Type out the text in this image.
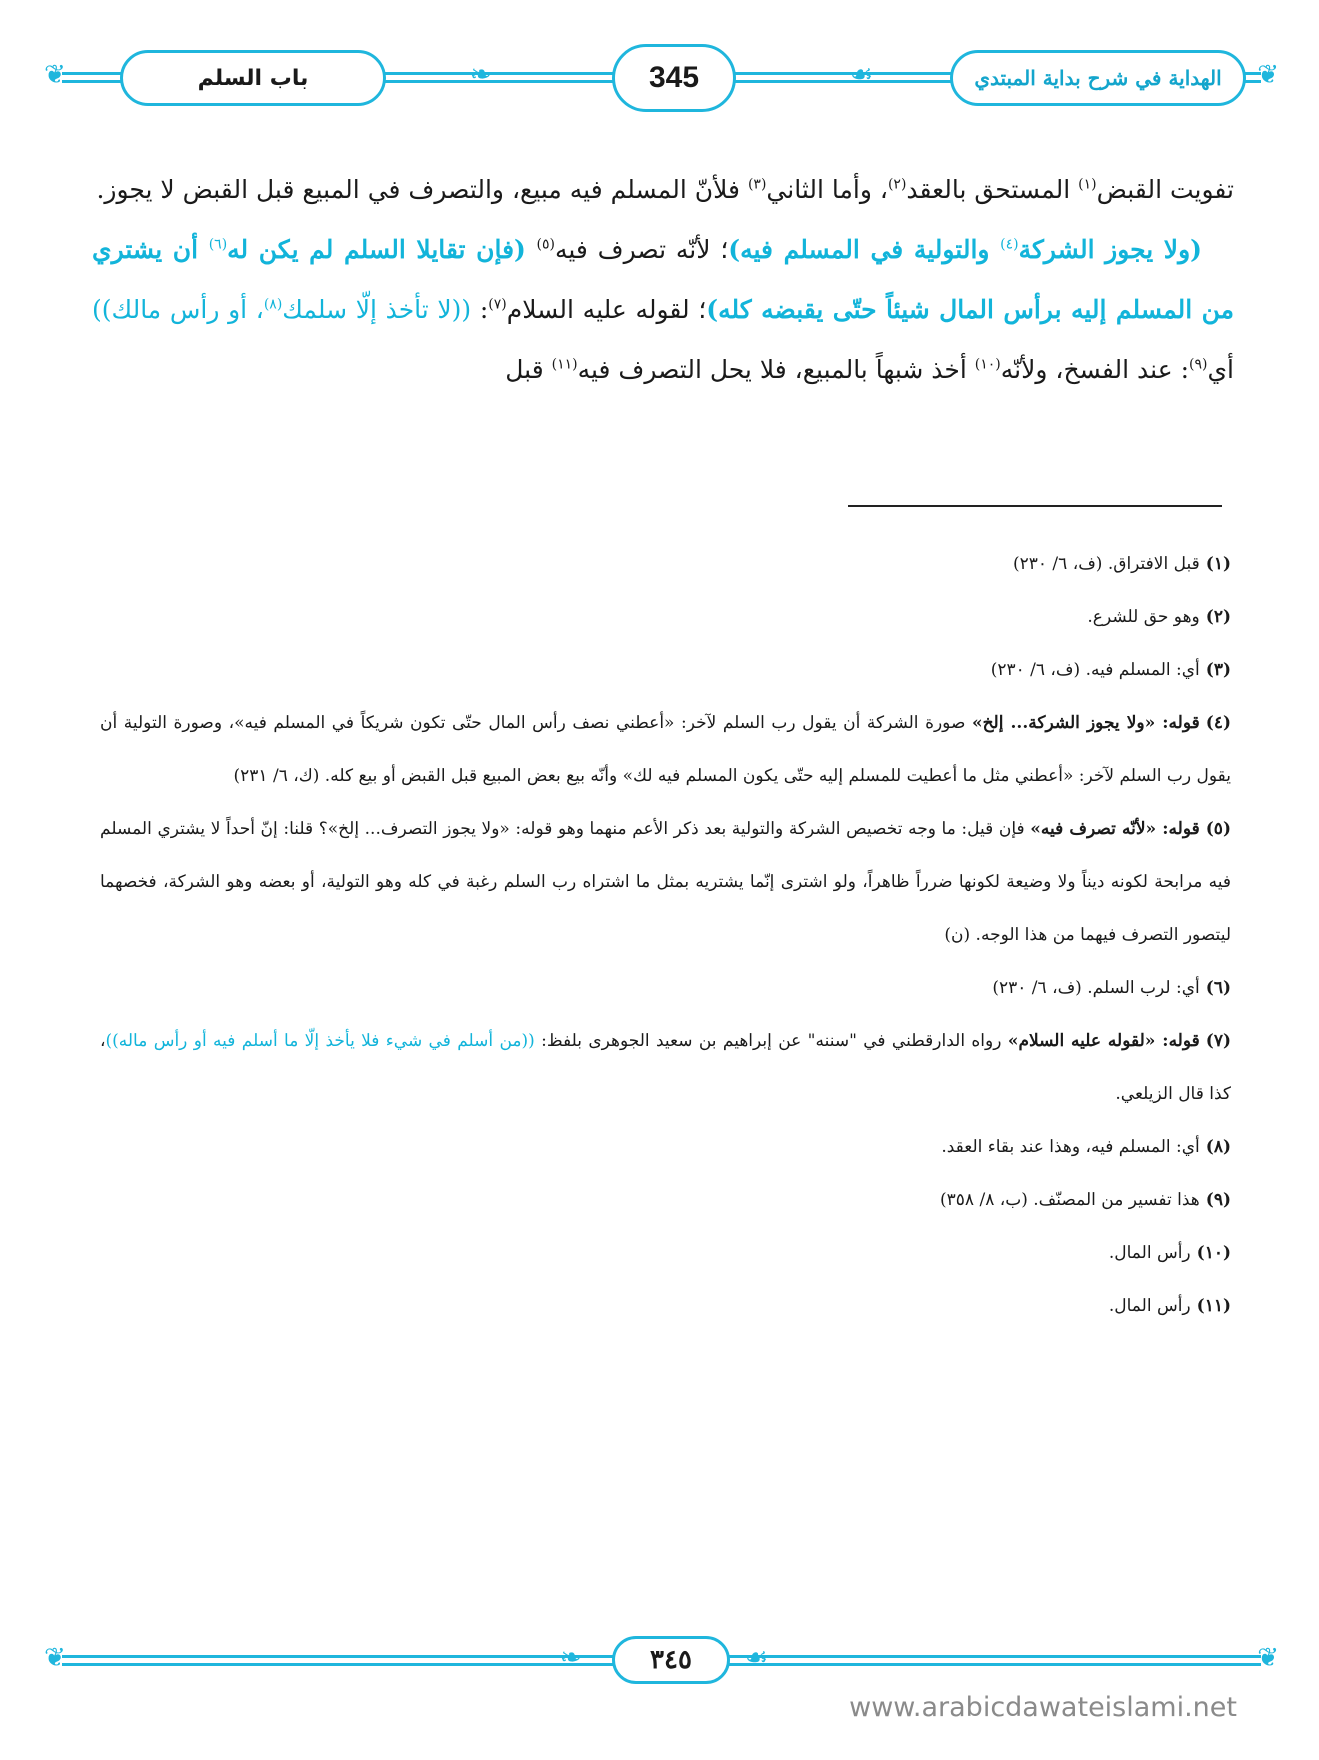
❦	❦
❧	☙
باب السلم	345	الهداية في شرح بداية المبتدي

تفويت القبض$^{(١)}$ المستحق بالعقد$^{(٢)}$، وأما الثاني$^{(٣)}$ فلأنّ المسلم فيه مبيع، والتصرف في المبيع قبل القبض لا يجوز.

(ولا يجوز الشركة$^{(٤)}$ والتولية في المسلم فيه)؛ لأنّه تصرف فيه$^{(٥)}$ (فإن تقايلا السلم لم يكن له$^{(٦)}$ أن يشتري من المسلم إليه برأس المال شيئاً حتّى يقبضه كله)؛ لقوله عليه السلام$^{(٧)}$: ((لا تأخذ إلّا سلمك$^{(٨)}$، أو رأس مالك)) أي$^{(٩)}$: عند الفسخ، ولأنّه$^{(١٠)}$ أخذ شبهاً بالمبيع، فلا يحل التصرف فيه$^{(١١)}$ قبل

(١)قبل الافتراق. (ف، ٦/ ٢٣٠)

(٢)وهو حق للشرع.

(٣)أي: المسلم فيه. (ف، ٦/ ٢٣٠)

(٤)قوله: «ولا يجوز الشركة... إلخ» صورة الشركة أن يقول رب السلم لآخر: «أعطني نصف رأس المال حتّى تكون شريكاً في المسلم فيه»، وصورة التولية أن يقول رب السلم لآخر: «أعطني مثل ما أعطيت للمسلم إليه حتّى يكون المسلم فيه لك» وأنّه بيع بعض المبيع قبل القبض أو بيع كله. (ك، ٦/ ٢٣١)

(٥)قوله: «لأنّه تصرف فيه» فإن قيل: ما وجه تخصيص الشركة والتولية بعد ذكر الأعم منهما وهو قوله: «ولا يجوز التصرف... إلخ»؟ قلنا: إنّ أحداً لا يشتري المسلم فيه مرابحة لكونه ديناً ولا وضيعة لكونها ضرراً ظاهراً، ولو اشترى إنّما يشتريه بمثل ما اشتراه رب السلم رغبة في كله وهو التولية، أو بعضه وهو الشركة، فخصهما ليتصور التصرف فيهما من هذا الوجه. (ن)

(٦)أي: لرب السلم. (ف، ٦/ ٢٣٠)

(٧)قوله: «لقوله عليه السلام» رواه الدارقطني في "سننه" عن إبراهيم بن سعيد الجوهرى بلفظ: ((من أسلم في شيء فلا يأخذ إلّا ما أسلم فيه أو رأس ماله))، كذا قال الزيلعي.

(٨)أي: المسلم فيه، وهذا عند بقاء العقد.

(٩)هذا تفسير من المصنّف. (ب، ٨/ ٣٥٨)

(١٠)رأس المال.

(١١)رأس المال.

❦	❦
❧	☙
٣٤٥
www.arabicdawateislami.net
